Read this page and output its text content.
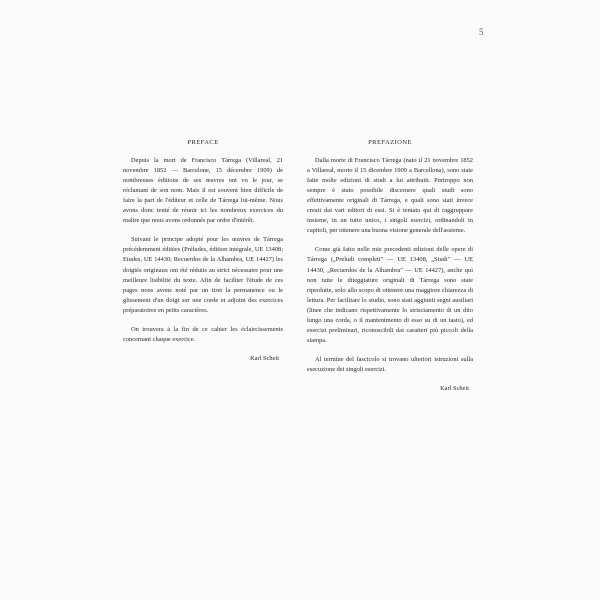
5
PREFACE

Depuis la mort de Francisco Tárrega (Villareal, 21 novembre 1852 — Barcelone, 15 décembre 1909) de nombreuses éditions de ses œuvres ont vu le jour, se réclamant de son nom. Mais il est souvent bien difficile de faire la part de l'éditeur et celle de Tárrega lui-même. Nous avons donc tenté de réunir ici les nombreux exercices du maître que nous avons ordonnés par ordre d'intérêt.

Suivant le principe adopté pour les œuvres de Tárrega précédemment éditées (Préludes, édition intégrale, UE 13408; Etudes, UE 14430; Recuerdos de la Alhambra, UE 14427) les doigtés originaux ont été réduits au strict nécessaire pour une meilleure lisibilité du texte. Afin de faciliter l'étude de ces pages nous avons noté par un tiret la permanence ou le glissement d'un doigt sur une corde et adjoint des exercices préparatoires en petits caractères.

On trouvera à la fin de ce cahier les éclaircissements concernant chaque exercice.

Karl Scheit
PREFAZIONE

Dalla morte di Francisco Tárrega (nato il 21 novembre 1852 a Villareal, morto il 15 dicembre 1909 a Barcellona), sono state fatte molte edizioni di studi a lui attribuiti. Purtroppo non sempre è stato possibile discernere quali studi sono effettivamente originali di Tárrega, e quali sono stati invece creati dai vari editori di essi. Si è tentato qui di raggruppare insieme, in un tutto unico, i singoli esercizi, ordinandoli in capitoli, per ottenere una buona visione generale dell'assieme.

Come già fatto nelle mie precedenti edizioni delle opere di Tárrega („Preludi completi" — UE 13408, „Studi" — UE 14430, „Recuerdos de la Alhambra" — UE 14427), anche qui non tutte le diteggiature originali di Tárrega sono state ripeolutte, solo allo scopo di ottenere una maggiore chiarezza di lettura. Per facilitare lo studio, sono stati aggiunti segni ausiliari (linee che indicano rispettivamente lo strisciamento di un dito lungo una corda, o il mantenimento di esso su di un tasto), ed esercizi preliminari, riconoscibili dai caratteri più piccoli della stampa.

Al termine del fascicolo si trovano ulteriori istruzioni sulla esecuzione dei singoli esercizi.

Karl Scheit
